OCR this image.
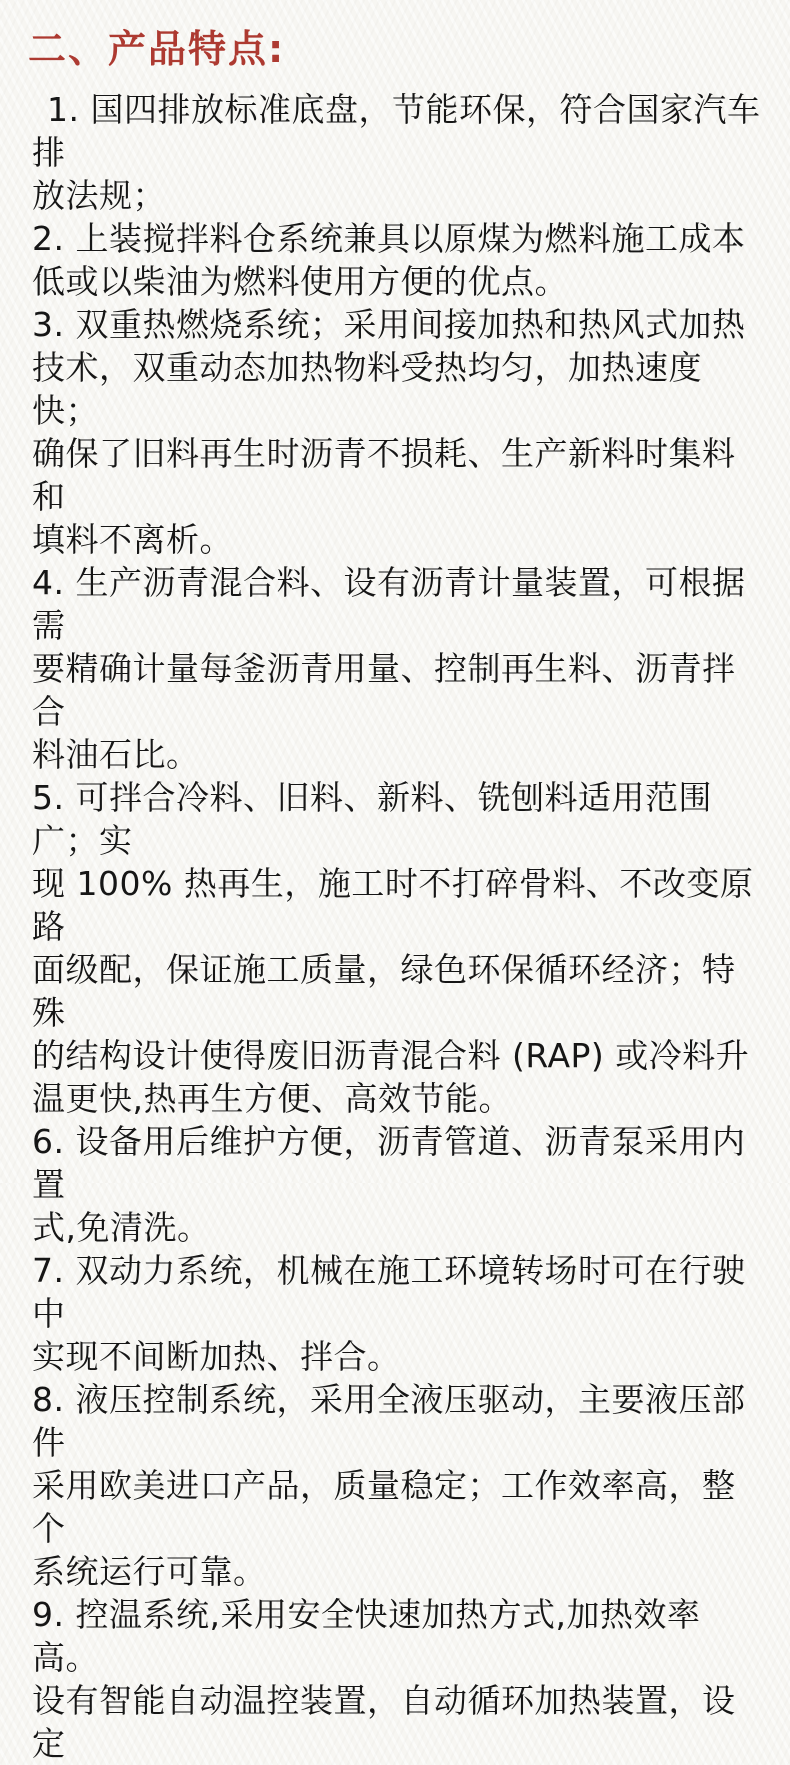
二、产品特点:
1. 国四排放标准底盘，节能环保，符合国家汽车排
放法规；
2. 上装搅拌料仓系统兼具以原煤为燃料施工成本
低或以柴油为燃料使用方便的优点。
3. 双重热燃烧系统；采用间接加热和热风式加热
技术，双重动态加热物料受热均匀，加热速度快；
确保了旧料再生时沥青不损耗、生产新料时集料和
填料不离析。
4. 生产沥青混合料、设有沥青计量装置，可根据需
要精确计量每釜沥青用量、控制再生料、沥青拌合
料油石比。
5. 可拌合冷料、旧料、新料、铣刨料适用范围广；实
现 100% 热再生，施工时不打碎骨料、不改变原路
面级配，保证施工质量，绿色环保循环经济；特殊
的结构设计使得废旧沥青混合料 (RAP) 或冷料升
温更快,热再生方便、高效节能。
6. 设备用后维护方便，沥青管道、沥青泵采用内置
式,免清洗。
7. 双动力系统，机械在施工环境转场时可在行驶中
实现不间断加热、拌合。
8. 液压控制系统，采用全液压驱动，主要液压部件
采用欧美进口产品，质量稳定；工作效率高，整个
系统运行可靠。
9. 控温系统,采用安全快速加热方式,加热效率高。
设有智能自动温控装置，自动循环加热装置，设定
